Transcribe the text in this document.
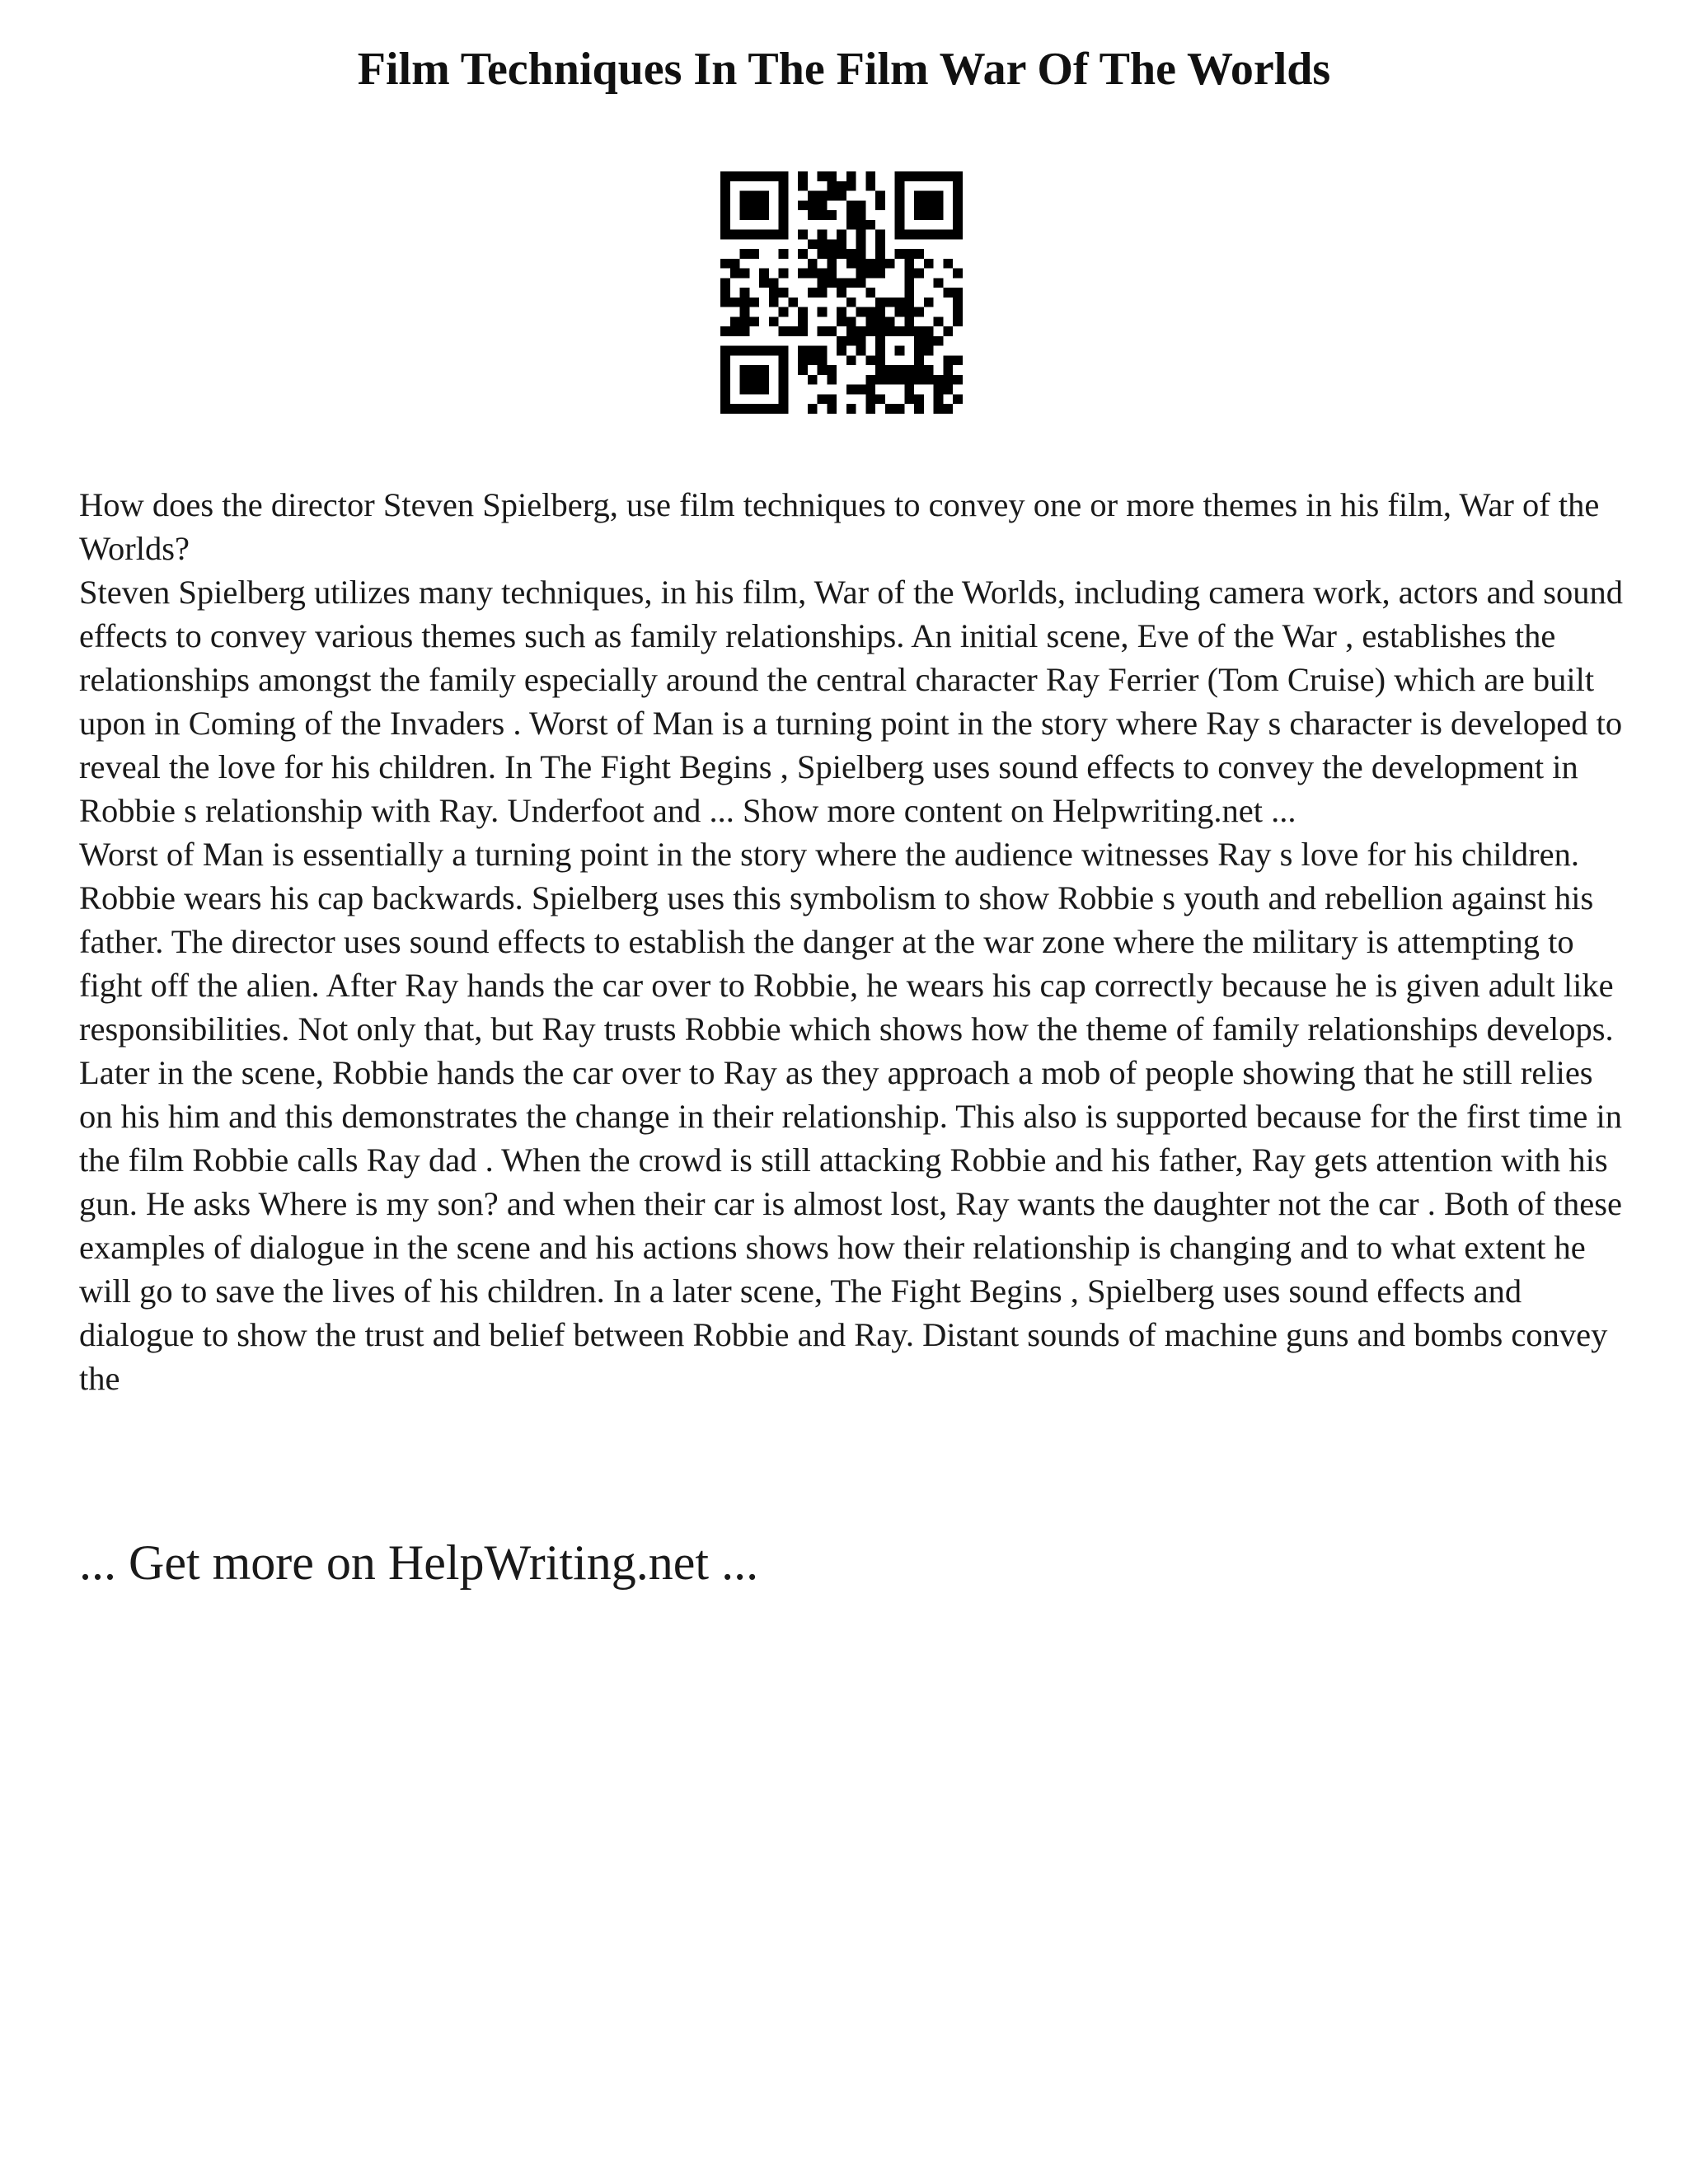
Film Techniques In The Film War Of The Worlds

How does the director Steven Spielberg, use film techniques to convey one or more themes in his film, War of the Worlds?

Steven Spielberg utilizes many techniques, in his film, War of the Worlds, including camera work, actors and sound effects to convey various themes such as family relationships. An initial scene, Eve of the War , establishes the relationships amongst the family especially around the central character Ray Ferrier (Tom Cruise) which are built upon in Coming of the Invaders . Worst of Man is a turning point in the story where Ray s character is developed to reveal the love for his children. In The Fight Begins , Spielberg uses sound effects to convey the development in Robbie s relationship with Ray. Underfoot and ... Show more content on Helpwriting.net ...

Worst of Man is essentially a turning point in the story where the audience witnesses Ray s love for his children. Robbie wears his cap backwards. Spielberg uses this symbolism to show Robbie s youth and rebellion against his father. The director uses sound effects to establish the danger at the war zone where the military is attempting to fight off the alien. After Ray hands the car over to Robbie, he wears his cap correctly because he is given adult like responsibilities. Not only that, but Ray trusts Robbie which shows how the theme of family relationships develops. Later in the scene, Robbie hands the car over to Ray as they approach a mob of people showing that he still relies on his him and this demonstrates the change in their relationship. This also is supported because for the first time in the film Robbie calls Ray dad . When the crowd is still attacking Robbie and his father, Ray gets attention with his gun. He asks Where is my son? and when their car is almost lost, Ray wants the daughter not the car . Both of these examples of dialogue in the scene and his actions shows how their relationship is changing and to what extent he will go to save the lives of his children. In a later scene, The Fight Begins , Spielberg uses sound effects and dialogue to show the trust and belief between Robbie and Ray. Distant sounds of machine guns and bombs convey the

... Get more on HelpWriting.net ...
